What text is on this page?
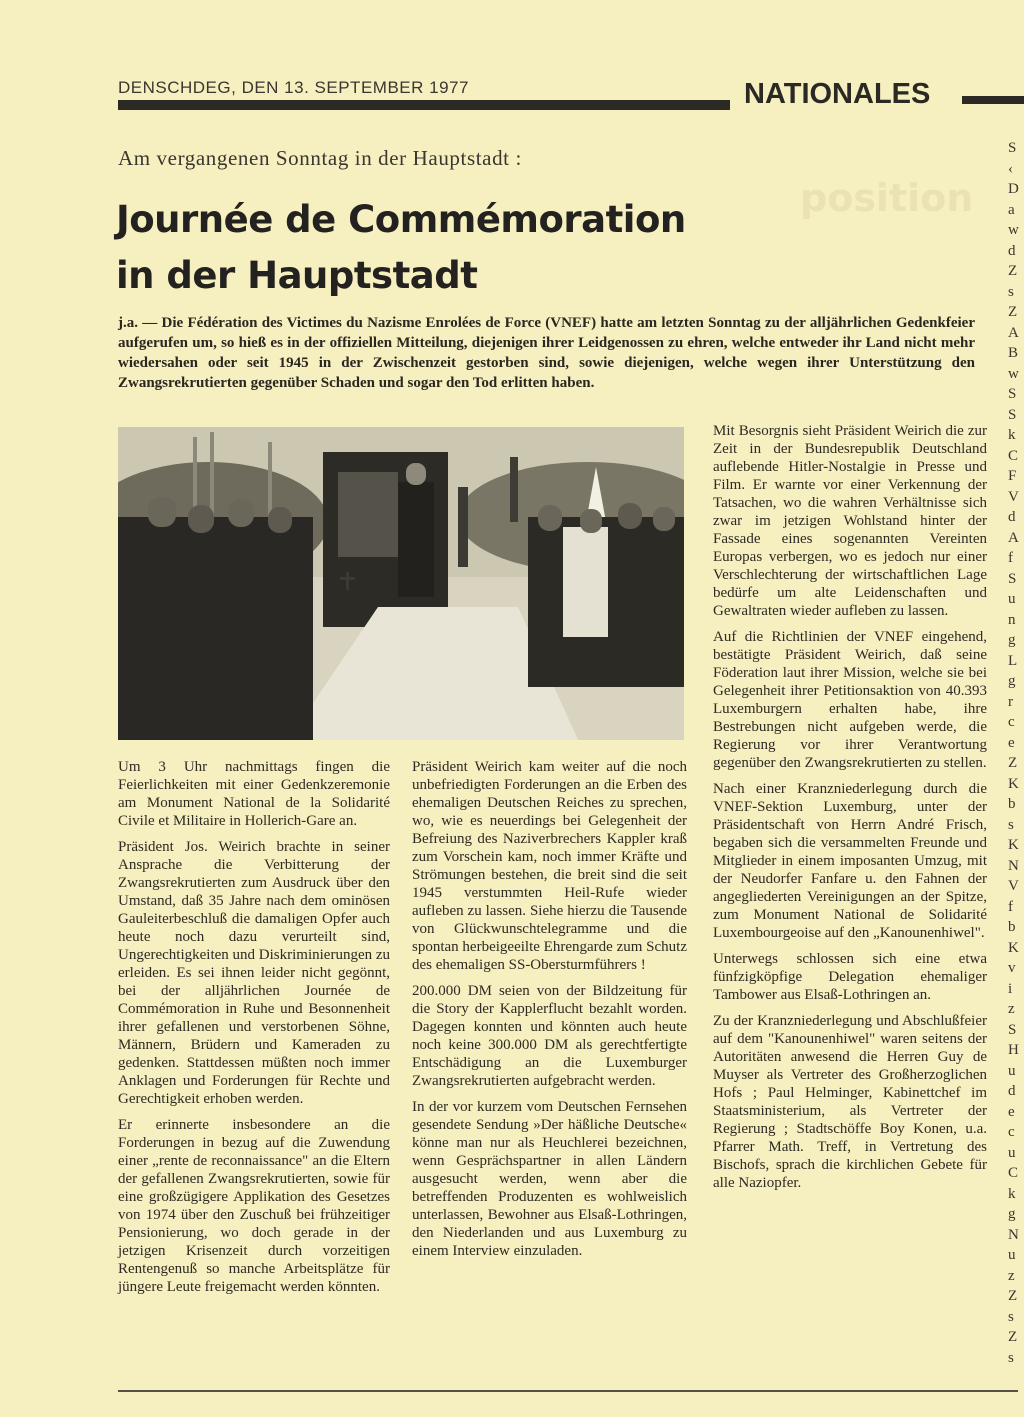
DENSCHDEG, DEN 13. SEPTEMBER 1977	NATIONALES
position
Am vergangenen Sonntag in der Hauptstadt :
Journée de Commémoration
in der Hauptstadt
j.a. — Die Fédération des Victimes du Nazisme Enrolées de Force (VNEF) hatte am letzten Sonntag zu der alljährlichen Gedenkfeier aufgerufen um, so hieß es in der offiziellen Mitteilung, diejenigen ihrer Leidgenossen zu ehren, welche entweder ihr Land nicht mehr wiedersahen oder seit 1945 in der Zwischenzeit gestorben sind, sowie diejenigen, welche wegen ihrer Unterstützung den Zwangsrekrutierten gegenüber Schaden und sogar den Tod erlitten haben.

Um 3 Uhr nachmittags fingen die Feierlichkeiten mit einer Gedenkzeremonie am Monument National de la Solidarité Civile et Militaire in Hollerich-Gare an.

Präsident Jos. Weirich brachte in seiner Ansprache die Verbitterung der Zwangsrekrutierten zum Ausdruck über den Umstand, daß 35 Jahre nach dem ominösen Gauleiterbeschluß die damaligen Opfer auch heute noch dazu verurteilt sind, Ungerechtigkeiten und Diskriminierungen zu erleiden. Es sei ihnen leider nicht gegönnt, bei der alljährlichen Journée de Commémoration in Ruhe und Besonnenheit ihrer gefallenen und verstorbenen Söhne, Männern, Brüdern und Kameraden zu gedenken. Stattdessen müßten noch immer Anklagen und Forderungen für Rechte und Gerechtigkeit erhoben werden.

Er erinnerte insbesondere an die Forderungen in bezug auf die Zuwendung einer „rente de reconnaissance" an die Eltern der gefallenen Zwangsrekrutierten, sowie für eine großzügigere Applikation des Gesetzes von 1974 über den Zuschuß bei frühzeitiger Pensionierung, wo doch gerade in der jetzigen Krisenzeit durch vorzeitigen Rentengenuß so manche Arbeitsplätze für jüngere Leute freigemacht werden könnten.

Präsident Weirich kam weiter auf die noch unbefriedigten Forderungen an die Erben des ehemaligen Deutschen Reiches zu sprechen, wo, wie es neuerdings bei Gelegenheit der Befreiung des Naziverbrechers Kappler kraß zum Vorschein kam, noch immer Kräfte und Strömungen bestehen, die breit sind die seit 1945 verstummten Heil-Rufe wieder aufleben zu lassen. Siehe hierzu die Tausende von Glückwunschtelegramme und die spontan herbeigeeilte Ehrengarde zum Schutz des ehemaligen SS-Obersturmführers !

200.000 DM seien von der Bildzeitung für die Story der Kapplerflucht bezahlt worden. Dagegen konnten und könnten auch heute noch keine 300.000 DM als gerechtfertigte Entschädigung an die Luxemburger Zwangsrekrutierten aufgebracht werden.

In der vor kurzem vom Deutschen Fernsehen gesendete Sendung »Der häßliche Deutsche« könne man nur als Heuchlerei bezeichnen, wenn Gesprächspartner in allen Ländern ausgesucht werden, wenn aber die betreffenden Produzenten es wohlweislich unterlassen, Bewohner aus Elsaß-Lothringen, den Niederlanden und aus Luxemburg zu einem Interview einzuladen.

Mit Besorgnis sieht Präsident Weirich die zur Zeit in der Bundesrepublik Deutschland auflebende Hitler-Nostalgie in Presse und Film. Er warnte vor einer Verkennung der Tatsachen, wo die wahren Verhältnisse sich zwar im jetzigen Wohlstand hinter der Fassade eines sogenannten Vereinten Europas verbergen, wo es jedoch nur einer Verschlechterung der wirtschaftlichen Lage bedürfe um alte Leidenschaften und Gewaltraten wieder aufleben zu lassen.

Auf die Richtlinien der VNEF eingehend, bestätigte Präsident Weirich, daß seine Föderation laut ihrer Mission, welche sie bei Gelegenheit ihrer Petitionsaktion von 40.393 Luxemburgern erhalten habe, ihre Bestrebungen nicht aufgeben werde, die Regierung vor ihrer Verantwortung gegenüber den Zwangsrekrutierten zu stellen.

Nach einer Kranzniederlegung durch die VNEF-Sektion Luxemburg, unter der Präsidentschaft von Herrn André Frisch, begaben sich die versammelten Freunde und Mitglieder in einem imposanten Umzug, mit der Neudorfer Fanfare u. den Fahnen der angegliederten Vereinigungen an der Spitze, zum Monument National de Solidarité Luxembourgeoise auf den „Kanounenhiwel".

Unterwegs schlossen sich eine etwa fünfzigköpfige Delegation ehemaliger Tambower aus Elsaß-Lothringen an.

Zu der Kranzniederlegung und Abschlußfeier auf dem "Kanounenhiwel" waren seitens der Autoritäten anwesend die Herren Guy de Muyser als Vertreter des Großherzoglichen Hofs ; Paul Helminger, Kabinettchef im Staatsministerium, als Vertreter der Regierung ; Stadtschöffe Boy Konen, u.a. Pfarrer Math. Treff, in Vertretung des Bischofs, sprach die kirchlichen Gebete für alle Naziopfer.

S
‹
D
a
w
d
Z
s
Z
A
B
w
S
S
k
C
F
V
d
A
f
S
u
n
g
L
g
r
c
e
Z
K
b
s
K
N
V
f
b
K
v
i
z
S
H
u
d
e
c
u
C
k
g
N
u
z
Z
s
Z
s
